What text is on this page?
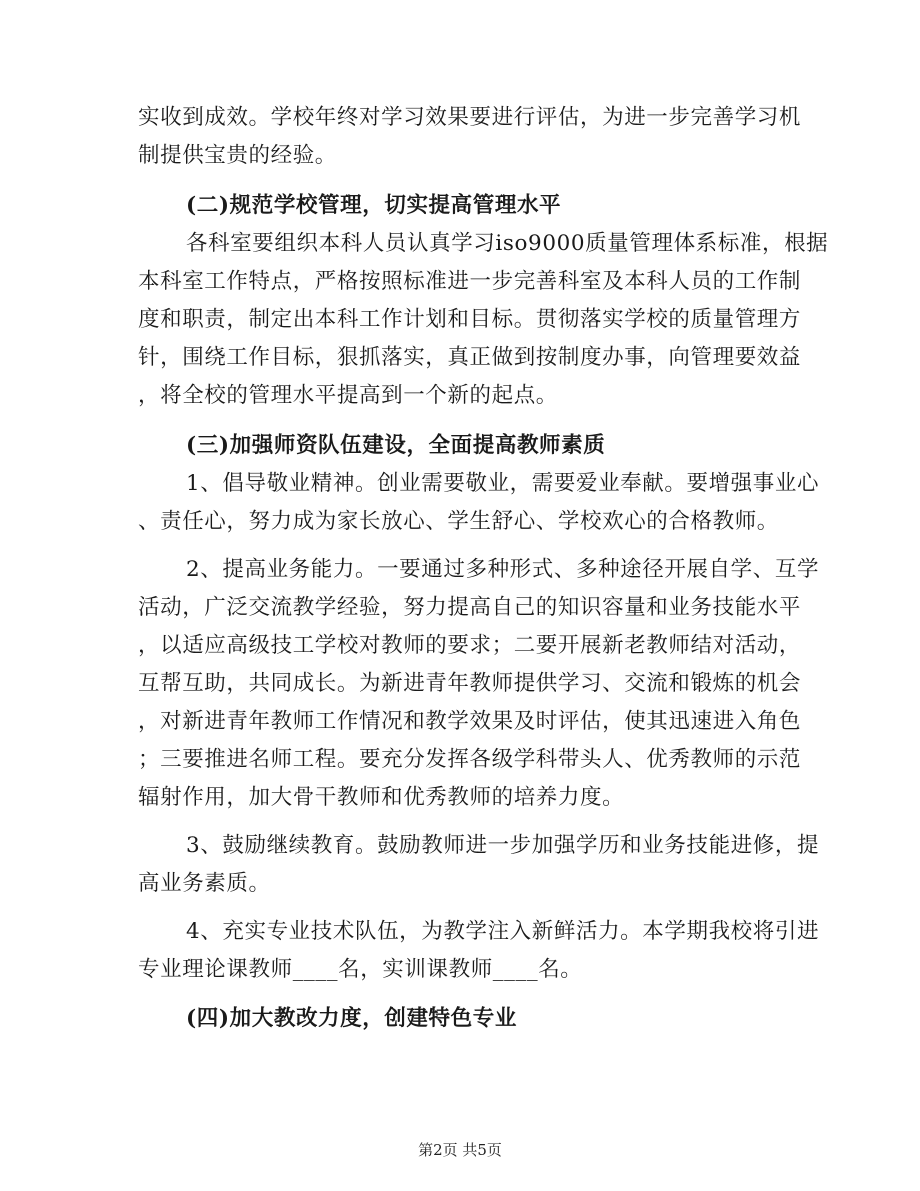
实收到成效。学校年终对学习效果要进行评估，为进一步完善学习机
制提供宝贵的经验。
(二)规范学校管理，切实提高管理水平
各科室要组织本科人员认真学习iso9000质量管理体系标准，根据
本科室工作特点，严格按照标准进一步完善科室及本科人员的工作制
度和职责，制定出本科工作计划和目标。贯彻落实学校的质量管理方
针，围绕工作目标，狠抓落实，真正做到按制度办事，向管理要效益
，将全校的管理水平提高到一个新的起点。
(三)加强师资队伍建设，全面提高教师素质
1、倡导敬业精神。创业需要敬业，需要爱业奉献。要增强事业心
、责任心，努力成为家长放心、学生舒心、学校欢心的合格教师。
2、提高业务能力。一要通过多种形式、多种途径开展自学、互学
活动，广泛交流教学经验，努力提高自己的知识容量和业务技能水平
，以适应高级技工学校对教师的要求；二要开展新老教师结对活动，
互帮互助，共同成长。为新进青年教师提供学习、交流和锻炼的机会
，对新进青年教师工作情况和教学效果及时评估，使其迅速进入角色
；三要推进名师工程。要充分发挥各级学科带头人、优秀教师的示范
辐射作用，加大骨干教师和优秀教师的培养力度。
3、鼓励继续教育。鼓励教师进一步加强学历和业务技能进修，提
高业务素质。
4、充实专业技术队伍，为教学注入新鲜活力。本学期我校将引进
专业理论课教师____名，实训课教师____名。
(四)加大教改力度，创建特色专业
第2页 共5页
